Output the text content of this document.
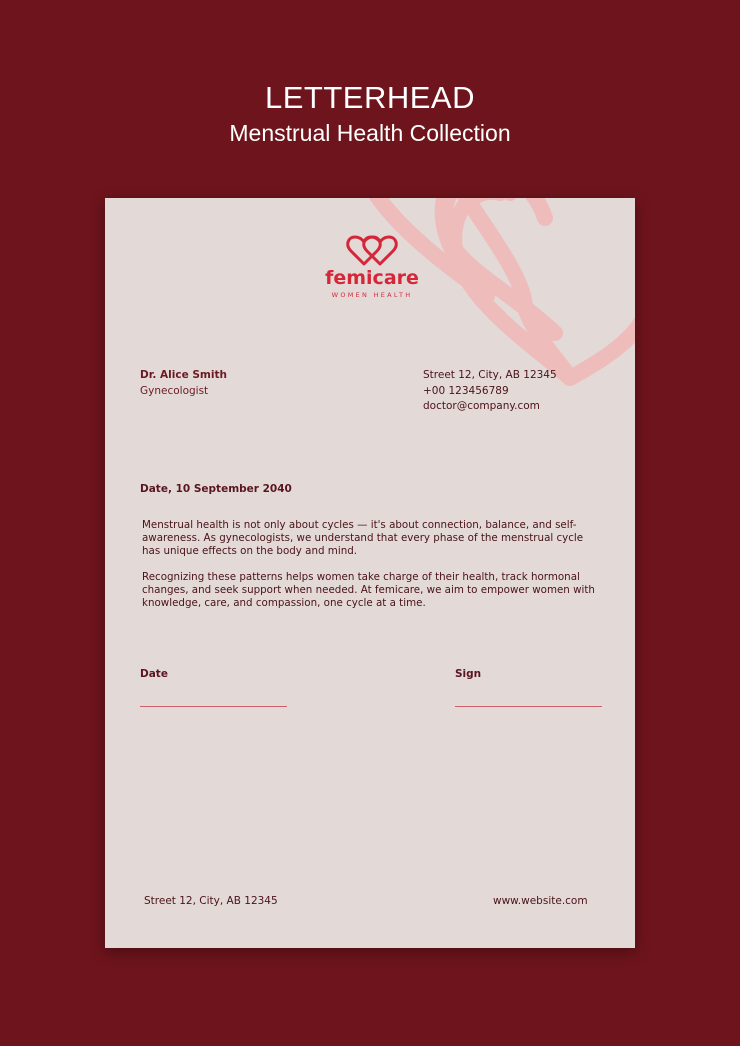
LETTERHEAD
Menstrual Health Collection
femicare
WOMEN HEALTH
Dr. Alice Smith
Gynecologist
Street 12, City, AB 12345
+00 123456789
doctor@company.com
Date, 10 September 2040

Menstrual health is not only about cycles — it's about connection, balance, and self-awareness. As gynecologists, we understand that every phase of the menstrual cycle has unique effects on the body and mind.

Recognizing these patterns helps women take charge of their health, track hormonal changes, and seek support when needed. At femicare, we aim to empower women with knowledge, care, and compassion, one cycle at a time.

Date	Sign
Street 12, City, AB 12345	www.website.com
